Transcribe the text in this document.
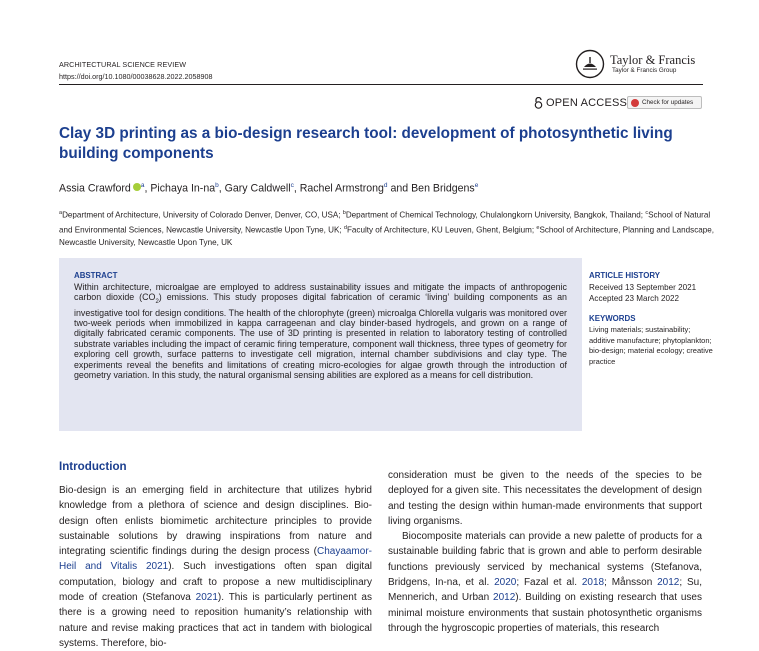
ARCHITECTURAL SCIENCE REVIEW
https://doi.org/10.1080/00038628.2022.2058908
Taylor & Francis
Taylor & Francis Group
OPEN ACCESS Check for updates
Clay 3D printing as a bio-design research tool: development of photosynthetic living building components
Assia Crawford $^a$, Pichaya $In-na^b$, Gary Caldwell$^c$, Rachel Armstrong$^d$ and Ben Bridgens$^e$
$^a$Department of Architecture, University of Colorado Denver, Denver, CO, USA; $^b$Department of Chemical Technology, Chulalongkorn University, Bangkok, Thailand; $^c$School of Natural and Environmental Sciences, Newcastle University, Newcastle Upon Tyne, UK; $^d$Faculty of Architecture, KU Leuven, Ghent, Belgium; $^e$School of Architecture, Planning and Landscape, Newcastle University, Newcastle Upon Tyne, UK
ABSTRACT
Within architecture, microalgae are employed to address sustainability issues and mitigate the impacts of anthropogenic carbon dioxide $(CO_2)$ emissions. This study proposes digital fabrication of ceramic ‘living’ building components as an investigative tool for design conditions. The health of the chlorophyte (green) microalga Chlorella vulgaris was monitored over two-week periods when immobilized in kappa carrageenan and clay binder-based hydrogels, and grown on a range of digitally fabricated ceramic components. The use of 3D printing is presented in relation to laboratory testing of controlled substrate variables including the impact of ceramic firing temperature, component wall thickness, three types of geometry for exploring cell growth, surface patterns to investigate cell migration, internal chamber subdivisions and clay type. The experiments reveal the benefits and limitations of creating micro-ecologies for algae growth through the introduction of geometry variation. In this study, the natural organismal sensing abilities are explored as a means for cell distribution.
ARTICLE HISTORY
Received 13 September 2021
Accepted 23 March 2022
KEYWORDS
Living materials; sustainability; additive manufacture; phytoplankton; bio-design; material ecology; creative practice
Introduction

Bio-design is an emerging field in architecture that utilizes hybrid knowledge from a plethora of science and design disciplines. Bio-design often enlists biomimetic architecture principles to provide sustainable solutions by drawing inspirations from nature and integrating scientific findings during the design process (Chayaamor-Heil and Vitalis 2021). Such investigations often span digital computation, biology and craft to propose a new multidisciplinary mode of creation (Stefanova 2021). This is particularly pertinent as there is a growing need to reposition humanity’s relationship with nature and revise making practices that act in tandem with biological systems. Therefore, bio-

consideration must be given to the needs of the species to be deployed for a given site. This necessitates the development of design and testing the design within human-made environments that support living organisms.

Biocomposite materials can provide a new palette of products for a sustainable building fabric that is grown and able to perform desirable functions previously serviced by mechanical systems (Stefanova, Bridgens, In-na, et al. 2020; Fazal et al. 2018; Månsson 2012; Su, Mennerich, and Urban 2012). Building on existing research that uses minimal moisture environments that sustain photosynthetic organisms through the hygroscopic properties of materials, this research
